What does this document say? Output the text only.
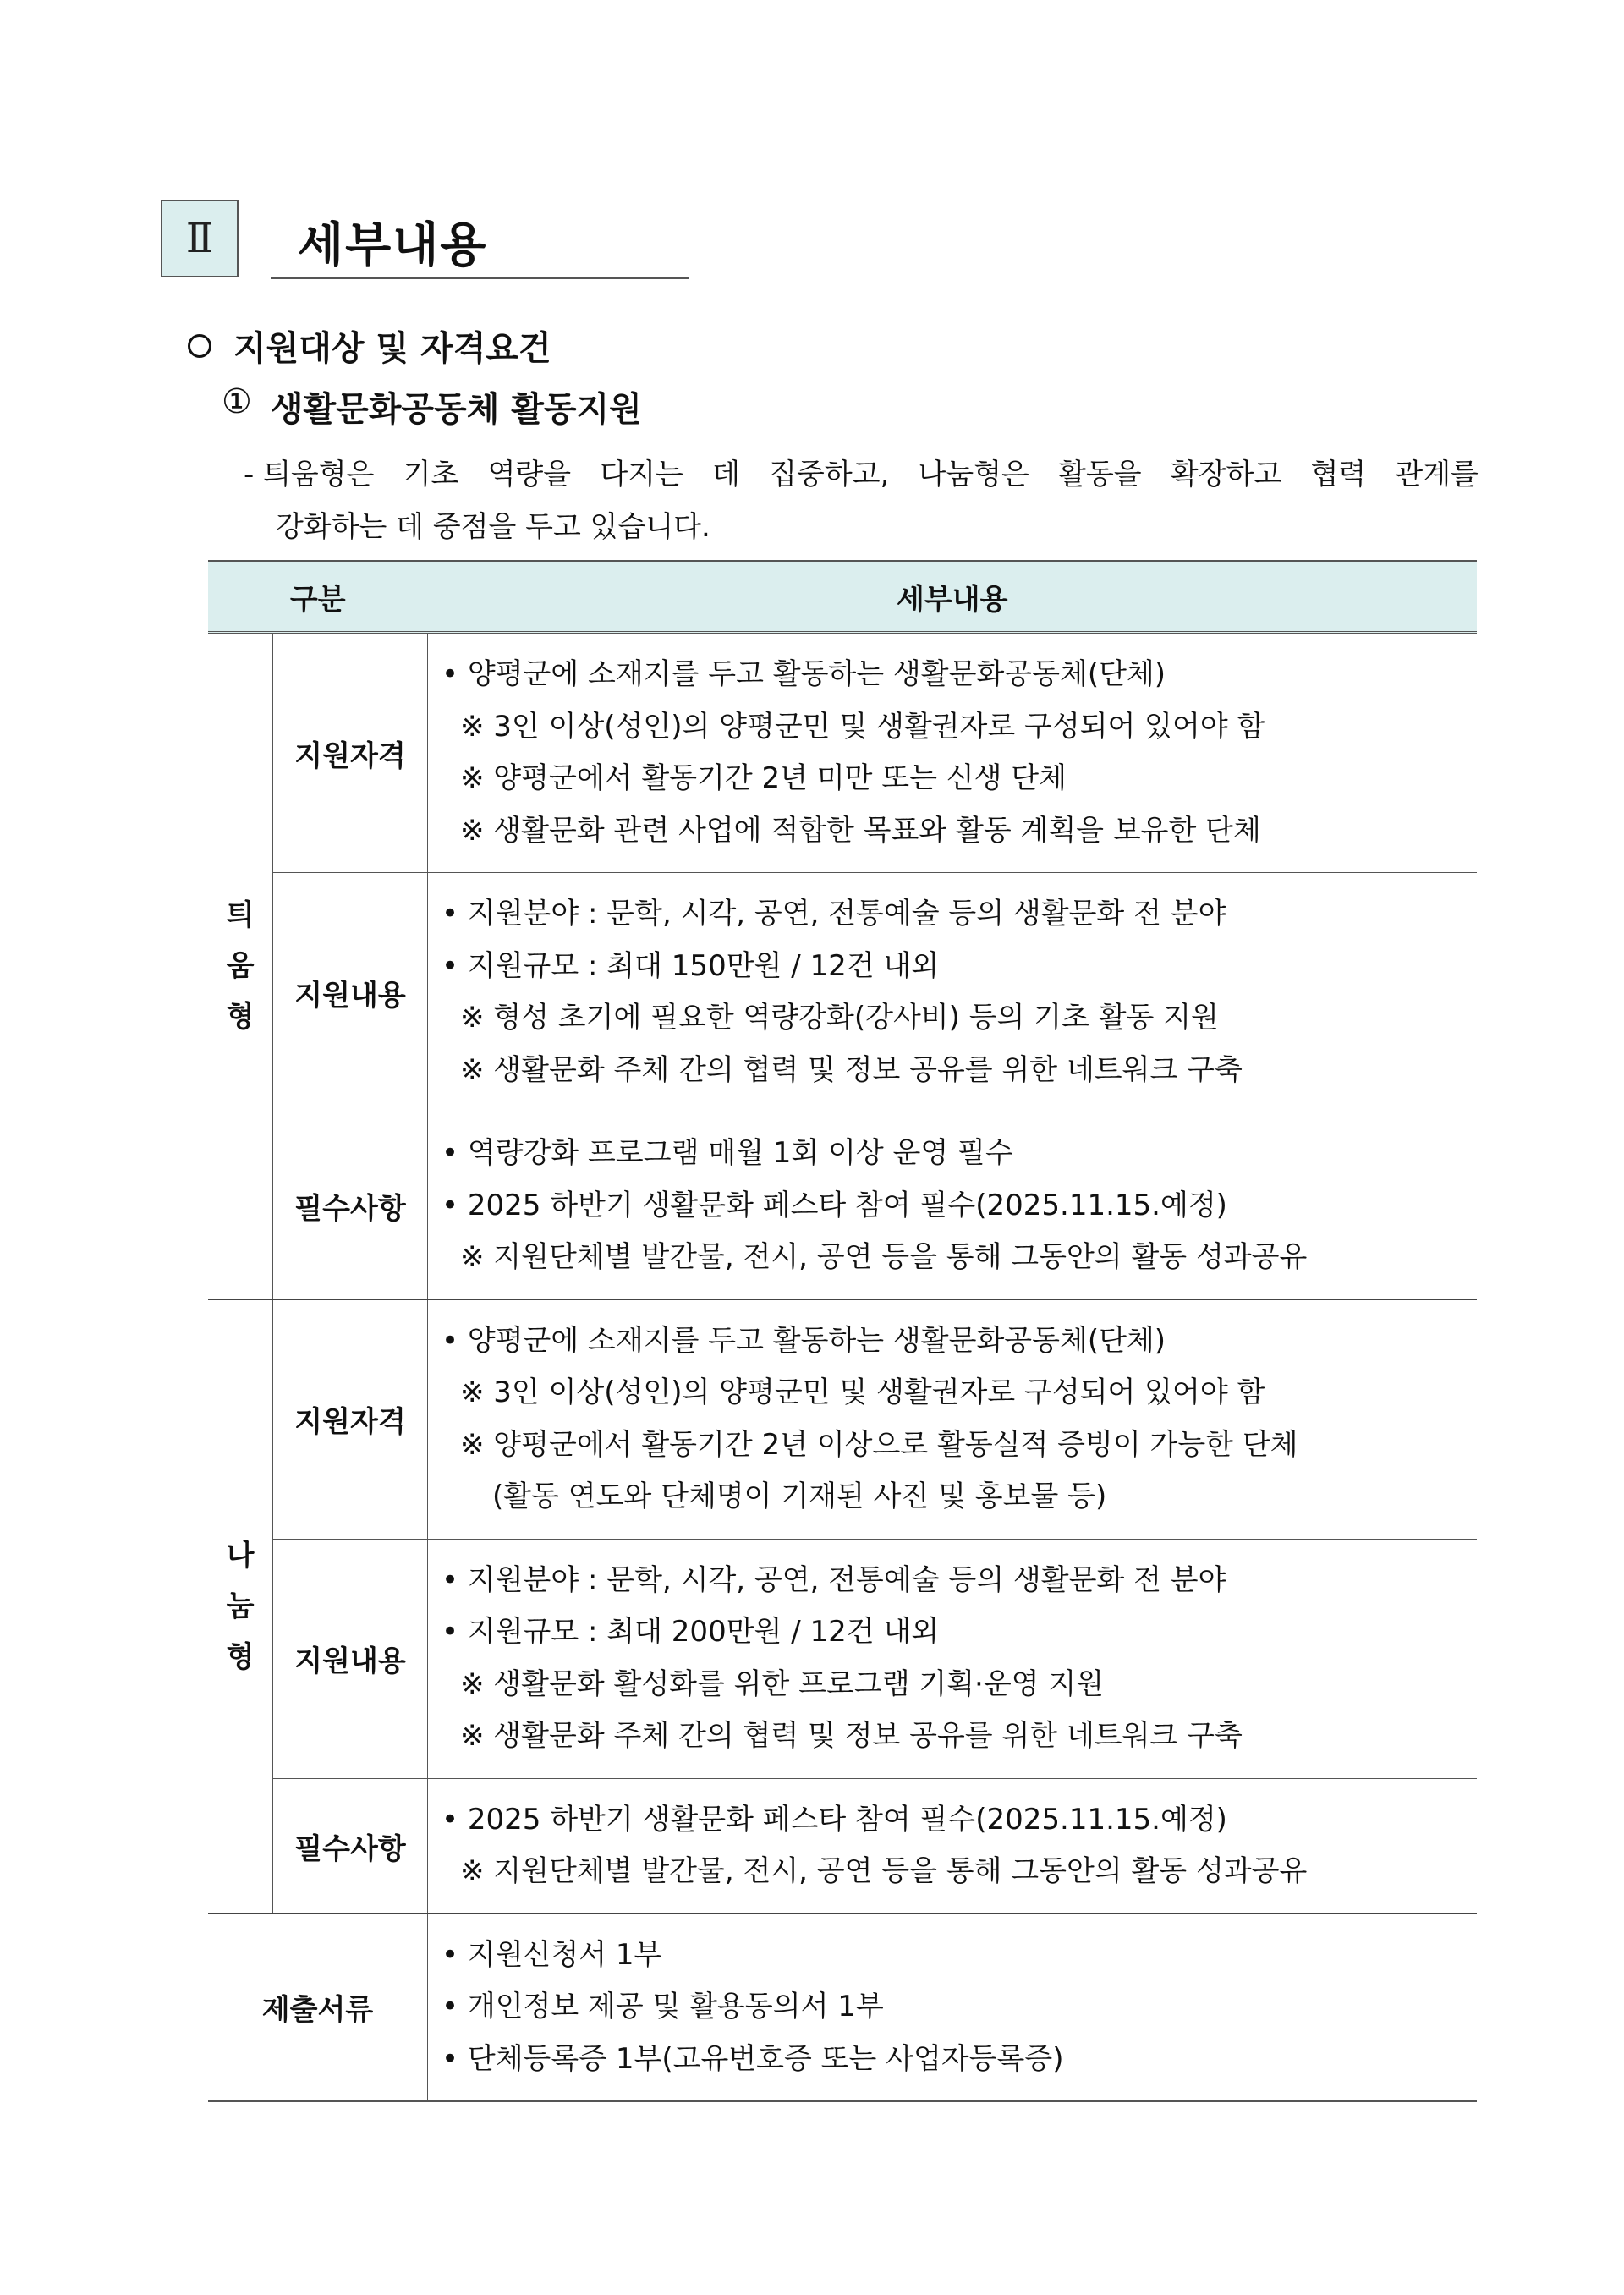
Ⅱ	세부내용
지원대상 및 자격요건
① 생활문화공동체 활동지원
- 틔움형은 기초 역량을 다지는 데 집중하고, 나눔형은 활동을 확장하고 협력 관계를
강화하는 데 중점을 두고 있습니다.
구분		세부내용

틔
움
형	지원자격	• 양평군에 소재지를 두고 활동하는 생활문화공동체(단체)
※ 3인 이상(성인)의 양평군민 및 생활권자로 구성되어 있어야 함
※ 양평군에서 활동기간 2년 미만 또는 신생 단체
※ 생활문화 관련 사업에 적합한 목표와 활동 계획을 보유한 단체

	지원내용	• 지원분야 : 문학, 시각, 공연, 전통예술 등의 생활문화 전 분야
• 지원규모 : 최대 150만원 / 12건 내외
※ 형성 초기에 필요한 역량강화(강사비) 등의 기초 활동 지원
※ 생활문화 주체 간의 협력 및 정보 공유를 위한 네트워크 구축

	필수사항	• 역량강화 프로그램 매월 1회 이상 운영 필수
• 2025 하반기 생활문화 페스타 참여 필수(2025.11.15.예정)
※ 지원단체별 발간물, 전시, 공연 등을 통해 그동안의 활동 성과공유

나
눔
형	지원자격	• 양평군에 소재지를 두고 활동하는 생활문화공동체(단체)
※ 3인 이상(성인)의 양평군민 및 생활권자로 구성되어 있어야 함
※ 양평군에서 활동기간 2년 이상으로 활동실적 증빙이 가능한 단체
(활동 연도와 단체명이 기재된 사진 및 홍보물 등)

	지원내용	• 지원분야 : 문학, 시각, 공연, 전통예술 등의 생활문화 전 분야
• 지원규모 : 최대 200만원 / 12건 내외
※ 생활문화 활성화를 위한 프로그램 기획·운영 지원
※ 생활문화 주체 간의 협력 및 정보 공유를 위한 네트워크 구축

	필수사항	• 2025 하반기 생활문화 페스타 참여 필수(2025.11.15.예정)
※ 지원단체별 발간물, 전시, 공연 등을 통해 그동안의 활동 성과공유

제출서류		• 지원신청서 1부
• 개인정보 제공 및 활용동의서 1부
• 단체등록증 1부(고유번호증 또는 사업자등록증)
